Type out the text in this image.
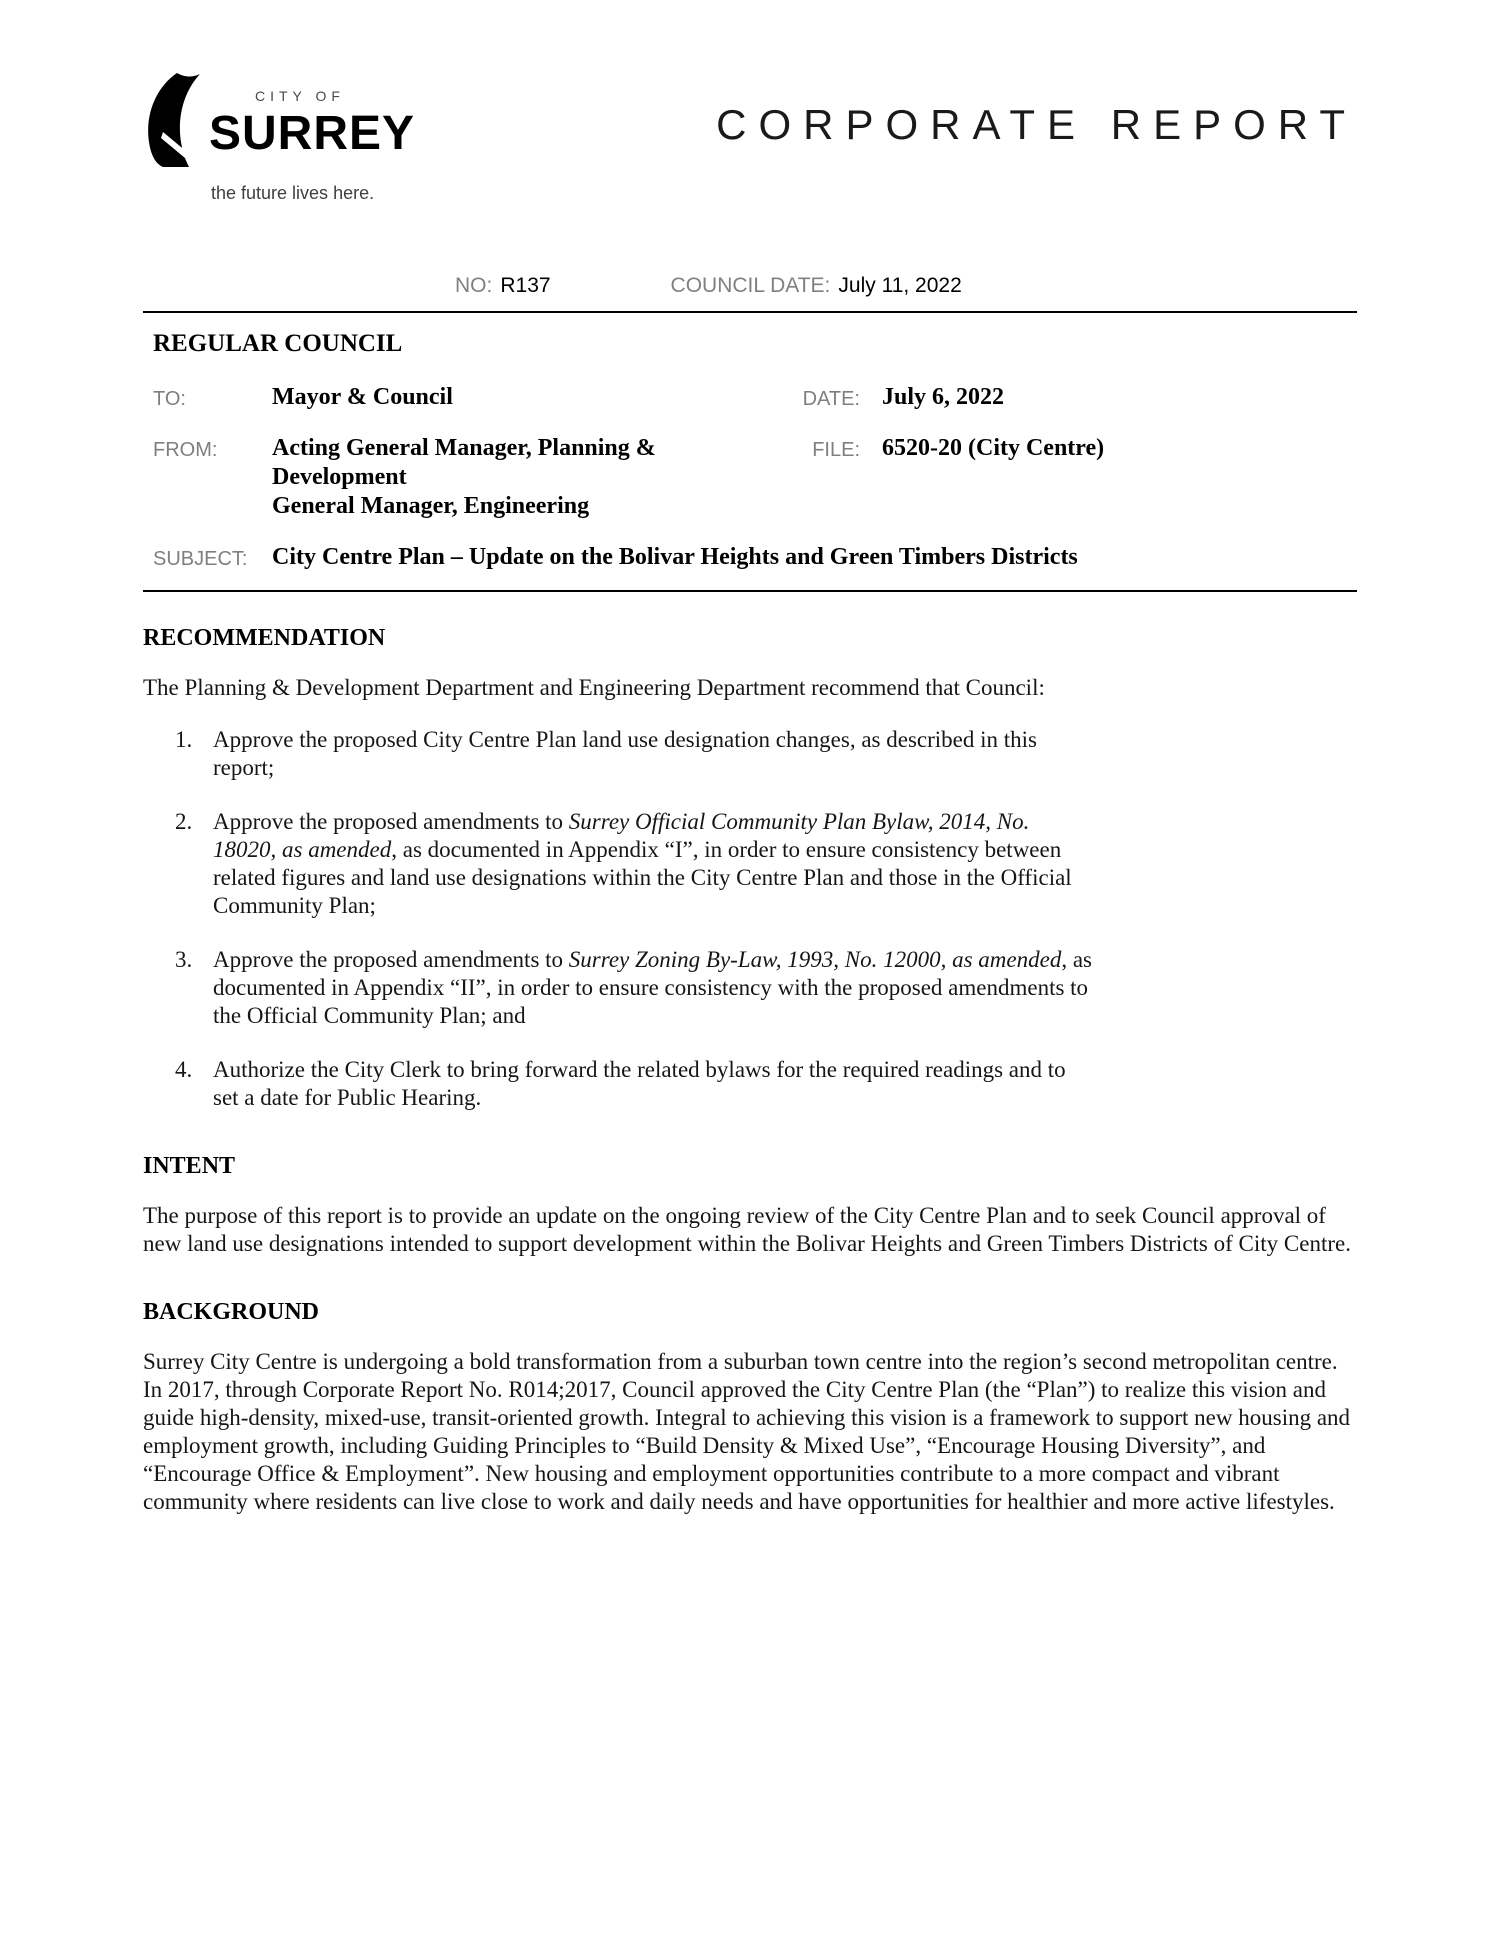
CITY OF
SURREY
the future lives here.
CORPORATE REPORT
NO: R137	COUNCIL DATE: July 11, 2022
REGULAR COUNCIL
TO:	Mayor & Council	DATE: July 6, 2022
FROM:	Acting General Manager, Planning & Development
General Manager, Engineering
FILE: 6520-20 (City Centre)
SUBJECT:	City Centre Plan – Update on the Bolivar Heights and Green Timbers Districts
RECOMMENDATION

The Planning & Development Department and Engineering Department recommend that Council:

1. Approve the proposed City Centre Plan land use designation changes, as described in this report;
2. Approve the proposed amendments to Surrey Official Community Plan Bylaw, 2014, No. 18020, as amended, as documented in Appendix “I”, in order to ensure consistency between related figures and land use designations within the City Centre Plan and those in the Official Community Plan;
3. Approve the proposed amendments to Surrey Zoning By-Law, 1993, No. 12000, as amended, as documented in Appendix “II”, in order to ensure consistency with the proposed amendments to the Official Community Plan; and
4. Authorize the City Clerk to bring forward the related bylaws for the required readings and to set a date for Public Hearing.
INTENT

The purpose of this report is to provide an update on the ongoing review of the City Centre Plan and to seek Council approval of new land use designations intended to support development within the Bolivar Heights and Green Timbers Districts of City Centre.

BACKGROUND

Surrey City Centre is undergoing a bold transformation from a suburban town centre into the region’s second metropolitan centre. In 2017, through Corporate Report No. R014;2017, Council approved the City Centre Plan (the “Plan”) to realize this vision and guide high-density, mixed-use, transit-oriented growth. Integral to achieving this vision is a framework to support new housing and employment growth, including Guiding Principles to “Build Density & Mixed Use”, “Encourage Housing Diversity”, and “Encourage Office & Employment”. New housing and employment opportunities contribute to a more compact and vibrant community where residents can live close to work and daily needs and have opportunities for healthier and more active lifestyles.
